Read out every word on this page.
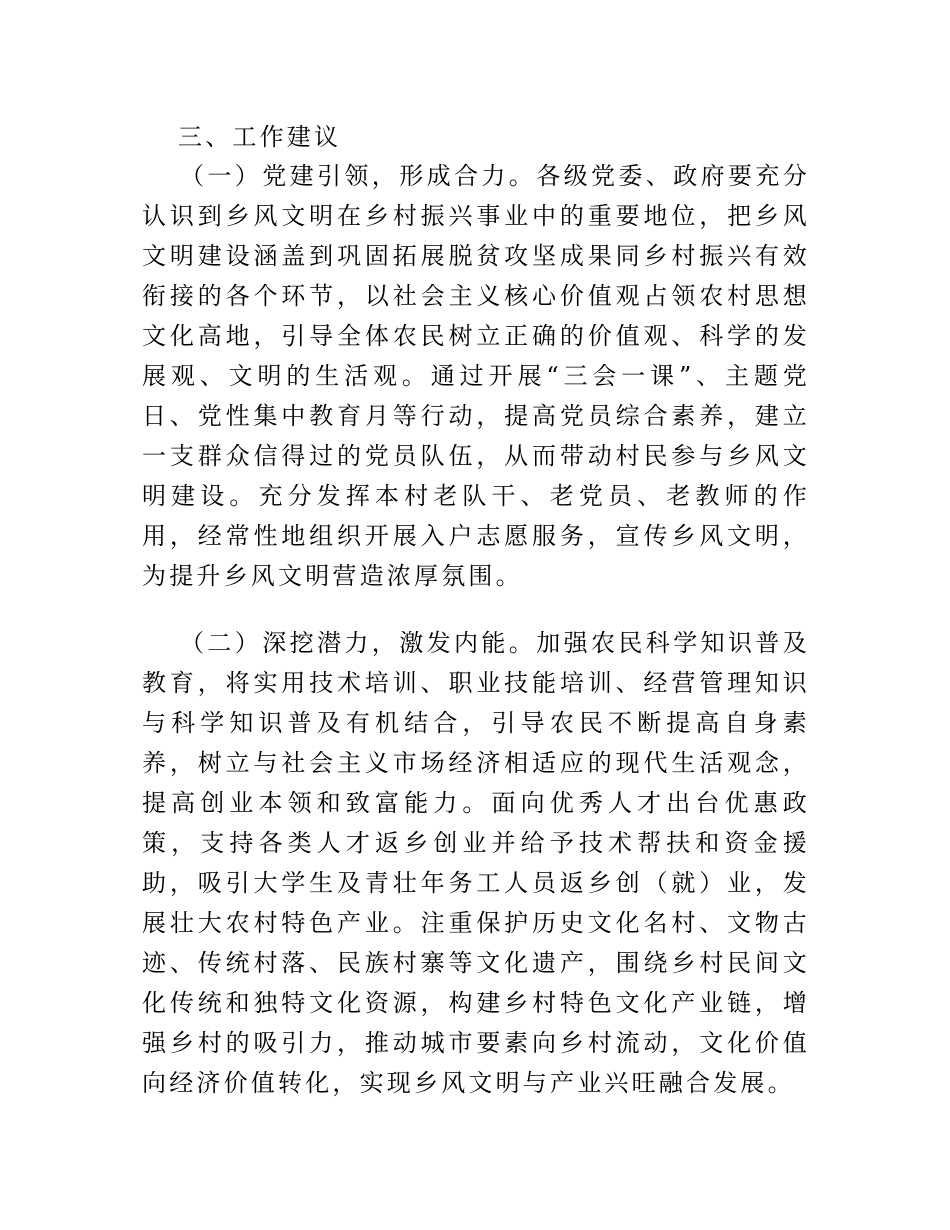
三、工作建议
（一）党建引领，形成合力。各级党委、政府要充分认识到乡风文明在乡村振兴事业中的重要地位，把乡风文明建设涵盖到巩固拓展脱贫攻坚成果同乡村振兴有效衔接的各个环节，以社会主义核心价值观占领农村思想文化高地，引导全体农民树立正确的价值观、科学的发展观、文明的生活观。通过开展“三会一课”、主题党日、党性集中教育月等行动，提高党员综合素养，建立一支群众信得过的党员队伍，从而带动村民参与乡风文明建设。充分发挥本村老队干、老党员、老教师的作用，经常性地组织开展入户志愿服务，宣传乡风文明，为提升乡风文明营造浓厚氛围。
（二）深挖潜力，激发内能。加强农民科学知识普及教育，将实用技术培训、职业技能培训、经营管理知识与科学知识普及有机结合，引导农民不断提高自身素养，树立与社会主义市场经济相适应的现代生活观念，提高创业本领和致富能力。面向优秀人才出台优惠政策，支持各类人才返乡创业并给予技术帮扶和资金援助，吸引大学生及青壮年务工人员返乡创（就）业，发展壮大农村特色产业。注重保护历史文化名村、文物古迹、传统村落、民族村寨等文化遗产，围绕乡村民间文化传统和独特文化资源，构建乡村特色文化产业链，增强乡村的吸引力，推动城市要素向乡村流动，文化价值向经济价值转化，实现乡风文明与产业兴旺融合发展。
